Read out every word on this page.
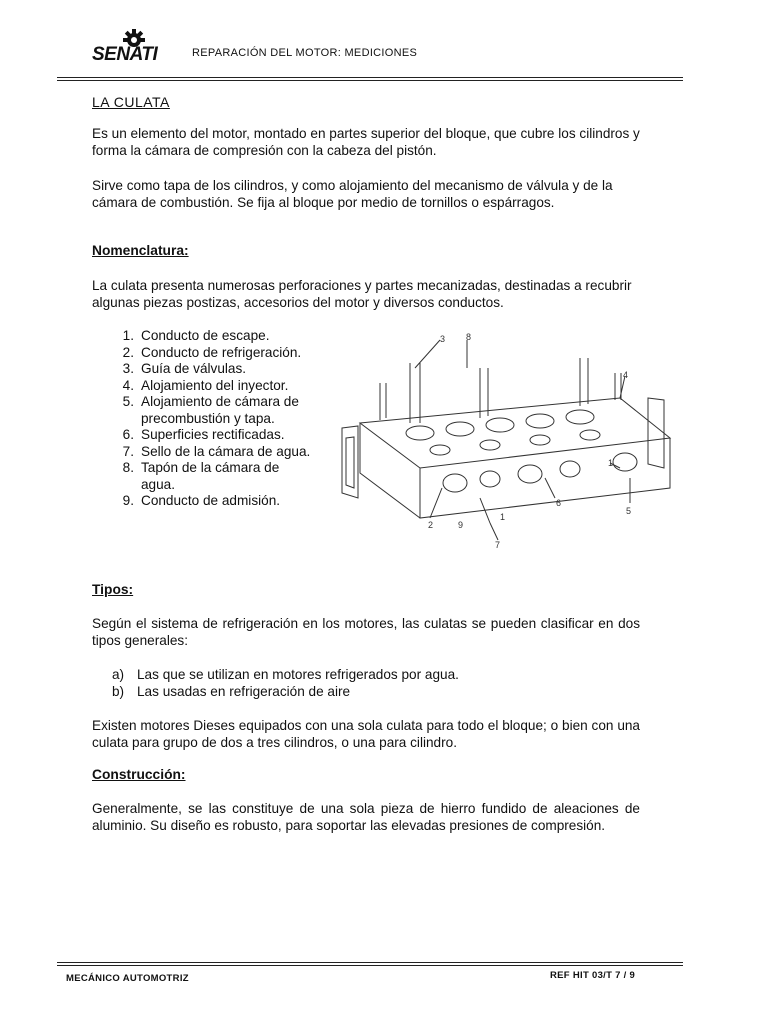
SENATI	REPARACIÓN DEL MOTOR: MEDICIONES
LA CULATA
Es un elemento del motor, montado en partes superior del bloque, que cubre los cilindros y forma la cámara de compresión con la cabeza del pistón.
Sirve como tapa de los cilindros, y como alojamiento del mecanismo de válvula y de la cámara de combustión. Se fija al bloque por medio de tornillos o espárragos.
Nomenclatura:
La culata presenta numerosas perforaciones y partes mecanizadas, destinadas a recubrir algunas piezas postizas, accesorios del motor y diversos conductos.
1. Conducto de escape.
2. Conducto de refrigeración.
3. Guía de válvulas.
4. Alojamiento del inyector.
5. Alojamiento de cámara de precombustión y tapa.
6. Superficies rectificadas.
7. Sello de la cámara de agua.
8. Tapón de la cámara de agua.
9. Conducto de admisión.
3 8
4
6
1
5
2	9
1
7
Tipos:
Según el sistema de refrigeración en los motores, las culatas se pueden clasificar en dos tipos generales:
a) Las que se utilizan en motores refrigerados por agua.
b) Las usadas en refrigeración de aire
Existen motores Dieses equipados con una sola culata para todo el bloque; o bien con una culata para grupo de dos a tres cilindros, o una para cilindro.
Construcción:
Generalmente, se las constituye de una sola pieza de hierro fundido de aleaciones de aluminio. Su diseño es robusto, para soportar las elevadas presiones de compresión.
MECÁNICO AUTOMOTRIZ	REF HIT 03/T 7 / 9
